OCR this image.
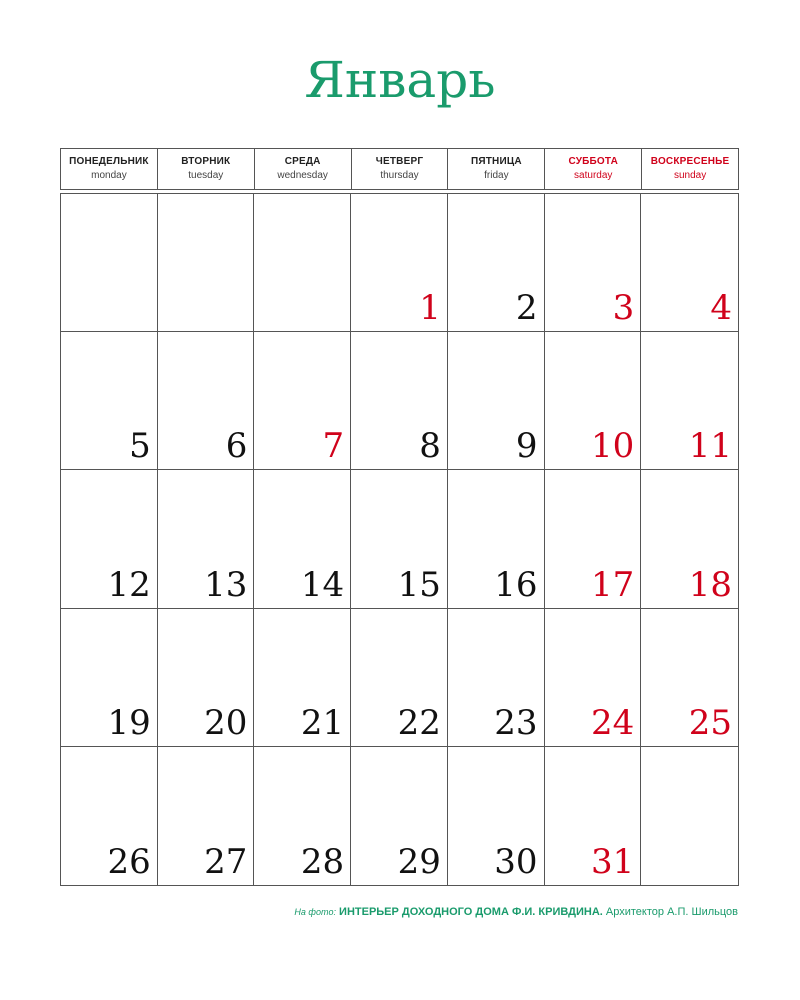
Январь
ПОНЕДЕЛЬНИК
monday
ВТОРНИК
tuesday
СРЕДА
wednesday
ЧЕТВЕРГ
thursday
ПЯТНИЦА
friday
СУББОТА
saturday
ВОСКРЕСЕНЬЕ
sunday
1 2 3 4
5 6 7 8 9 10 11
12 13 14 15 16 17 18
19 20 21 22 23 24 25
26 27 28 29 30 31
На фото: ИНТЕРЬЕР ДОХОДНОГО ДОМА Ф.И. КРИВДИНА. Архитектор А.П. Шильцов
